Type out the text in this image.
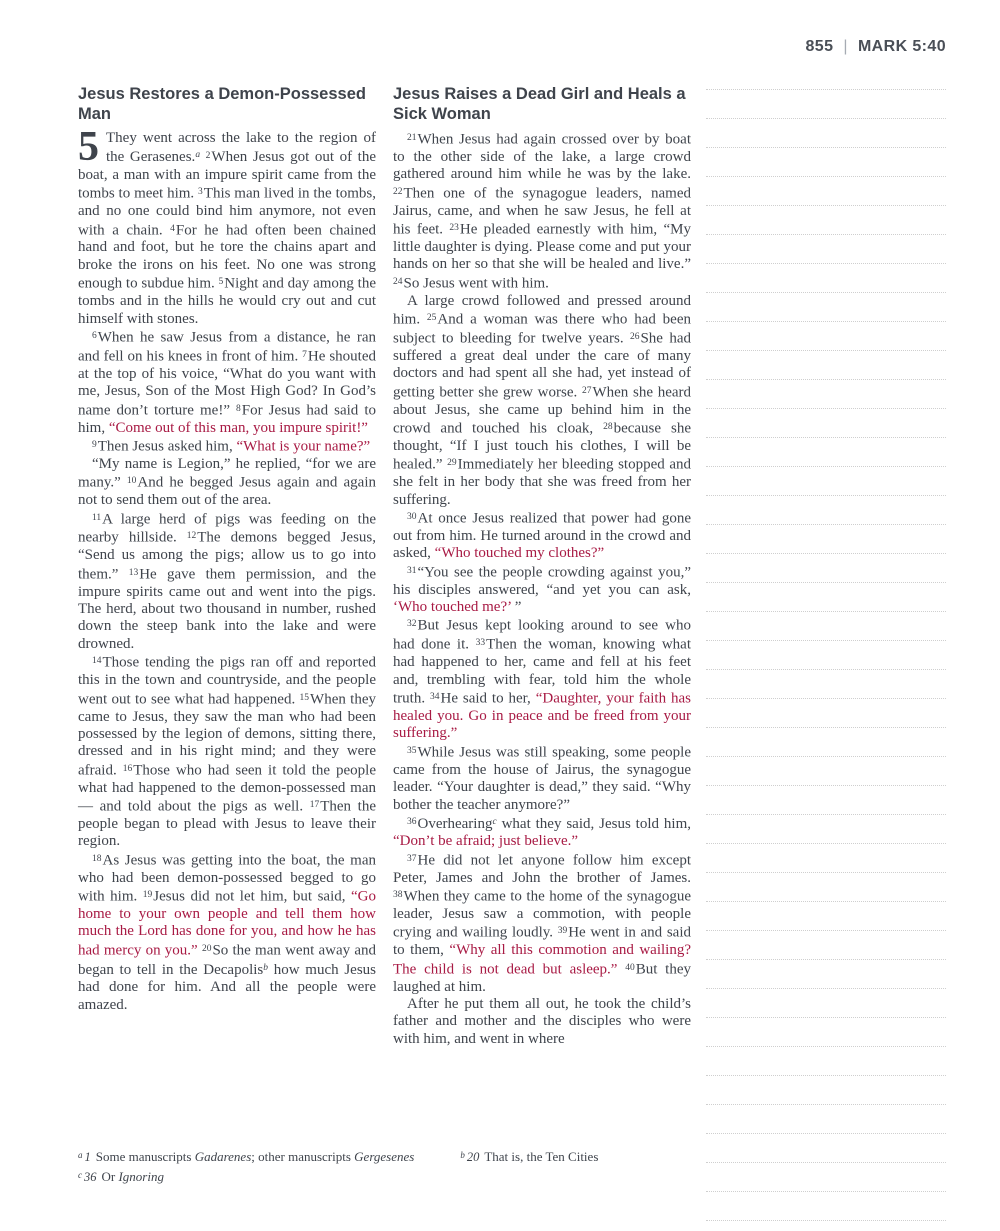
855 | MARK 5:40
Jesus Restores a Demon-Possessed Man

5 They went across the lake to the region of the Gerasenes.$^a$ $^2$When Jesus got out of the boat, a man with an impure spirit came from the tombs to meet him. $^3$This man lived in the tombs, and no one could bind him anymore, not even with a chain. $^4$For he had often been chained hand and foot, but he tore the chains apart and broke the irons on his feet. No one was strong enough to subdue him. $^5$Night and day among the tombs and in the hills he would cry out and cut himself with stones.

$^6$When he saw Jesus from a distance, he ran and fell on his knees in front of him. $^7$He shouted at the top of his voice, “What do you want with me, Jesus, Son of the Most High God? In God’s name don’t torture me!” $^8$For Jesus had said to him, “Come out of this man, you impure spirit!”

$^9$Then Jesus asked him, “What is your name?”

“My name is Legion,” he replied, “for we are many.” $^{10}$And he begged Jesus again and again not to send them out of the area.

$^{11}$A large herd of pigs was feeding on the nearby hillside. $^{12}$The demons begged Jesus, “Send us among the pigs; allow us to go into them.” $^{13}$He gave them permission, and the impure spirits came out and went into the pigs. The herd, about two thousand in number, rushed down the steep bank into the lake and were drowned.

$^{14}$Those tending the pigs ran off and reported this in the town and countryside, and the people went out to see what had happened. $^{15}$When they came to Jesus, they saw the man who had been possessed by the legion of demons, sitting there, dressed and in his right mind; and they were afraid. $^{16}$Those who had seen it told the people what had happened to the demon-possessed man — and told about the pigs as well. $^{17}$Then the people began to plead with Jesus to leave their region.

$^{18}$As Jesus was getting into the boat, the man who had been demon-possessed begged to go with him. $^{19}$Jesus did not let him, but said, “Go home to your own people and tell them how much the Lord has done for you, and how he has had mercy on you.” $^{20}$So the man went away and began to tell in the Decapolis$^b$ how much Jesus had done for him. And all the people were amazed.

Jesus Raises a Dead Girl and Heals a Sick Woman

$^{21}$When Jesus had again crossed over by boat to the other side of the lake, a large crowd gathered around him while he was by the lake. $^{22}$Then one of the synagogue leaders, named Jairus, came, and when he saw Jesus, he fell at his feet. $^{23}$He pleaded earnestly with him, “My little daughter is dying. Please come and put your hands on her so that she will be healed and live.” $^{24}$So Jesus went with him.

A large crowd followed and pressed around him. $^{25}$And a woman was there who had been subject to bleeding for twelve years. $^{26}$She had suffered a great deal under the care of many doctors and had spent all she had, yet instead of getting better she grew worse. $^{27}$When she heard about Jesus, she came up behind him in the crowd and touched his cloak, $^{28}$because she thought, “If I just touch his clothes, I will be healed.” $^{29}$Immediately her bleeding stopped and she felt in her body that she was freed from her suffering.

$^{30}$At once Jesus realized that power had gone out from him. He turned around in the crowd and asked, “Who touched my clothes?”

$^{31}$“You see the people crowding against you,” his disciples answered, “and yet you can ask, ‘Who touched me?’ ”

$^{32}$But Jesus kept looking around to see who had done it. $^{33}$Then the woman, knowing what had happened to her, came and fell at his feet and, trembling with fear, told him the whole truth. $^{34}$He said to her, “Daughter, your faith has healed you. Go in peace and be freed from your suffering.”

$^{35}$While Jesus was still speaking, some people came from the house of Jairus, the synagogue leader. “Your daughter is dead,” they said. “Why bother the teacher anymore?”

$^{36}$Overhearing$^c$ what they said, Jesus told him, “Don’t be afraid; just believe.”

$^{37}$He did not let anyone follow him except Peter, James and John the brother of James. $^{38}$When they came to the home of the synagogue leader, Jesus saw a commotion, with people crying and wailing loudly. $^{39}$He went in and said to them, “Why all this commotion and wailing? The child is not dead but asleep.” $^{40}$But they laughed at him.

After he put them all out, he took the child’s father and mother and the disciples who were with him, and went in where

$^a$ 1 Some manuscripts Gadarenes; other manuscripts Gergesenes	$^b$ 20 That is, the Ten Cities
$^c$ 36 Or Ignoring
